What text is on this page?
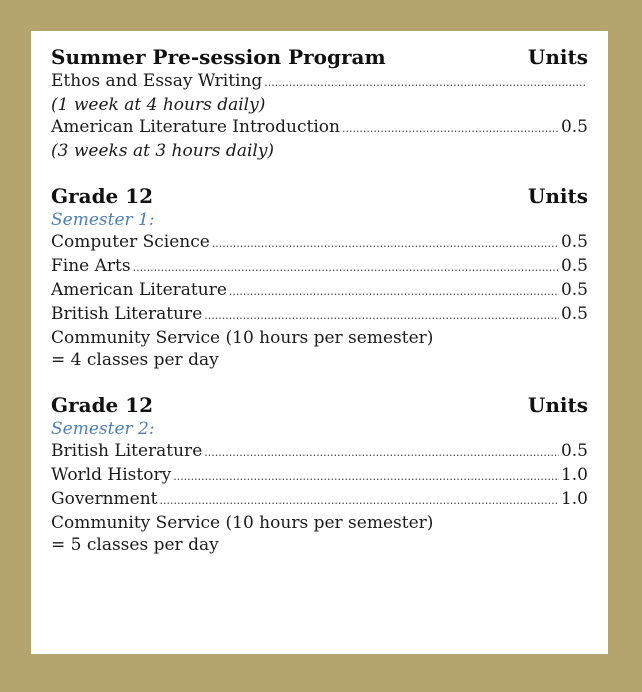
Summer Pre-session Program	Units
Ethos and Essay Writing
.....
(1 week at 4 hours daily)
American Literature Introduction .....	0.5
(3 weeks at 3 hours daily)
Grade 12	Units
Semester 1:
Computer Science .....	0.5
Fine Arts .....	0.5
American Literature .....	0.5
British Literature .....	0.5
Community Service (10 hours per semester)
= 4 classes per day
Grade 12	Units
Semester 2:
British Literature .....	0.5
World History .....	1.0
Government .....	1.0
Community Service (10 hours per semester)
= 5 classes per day
